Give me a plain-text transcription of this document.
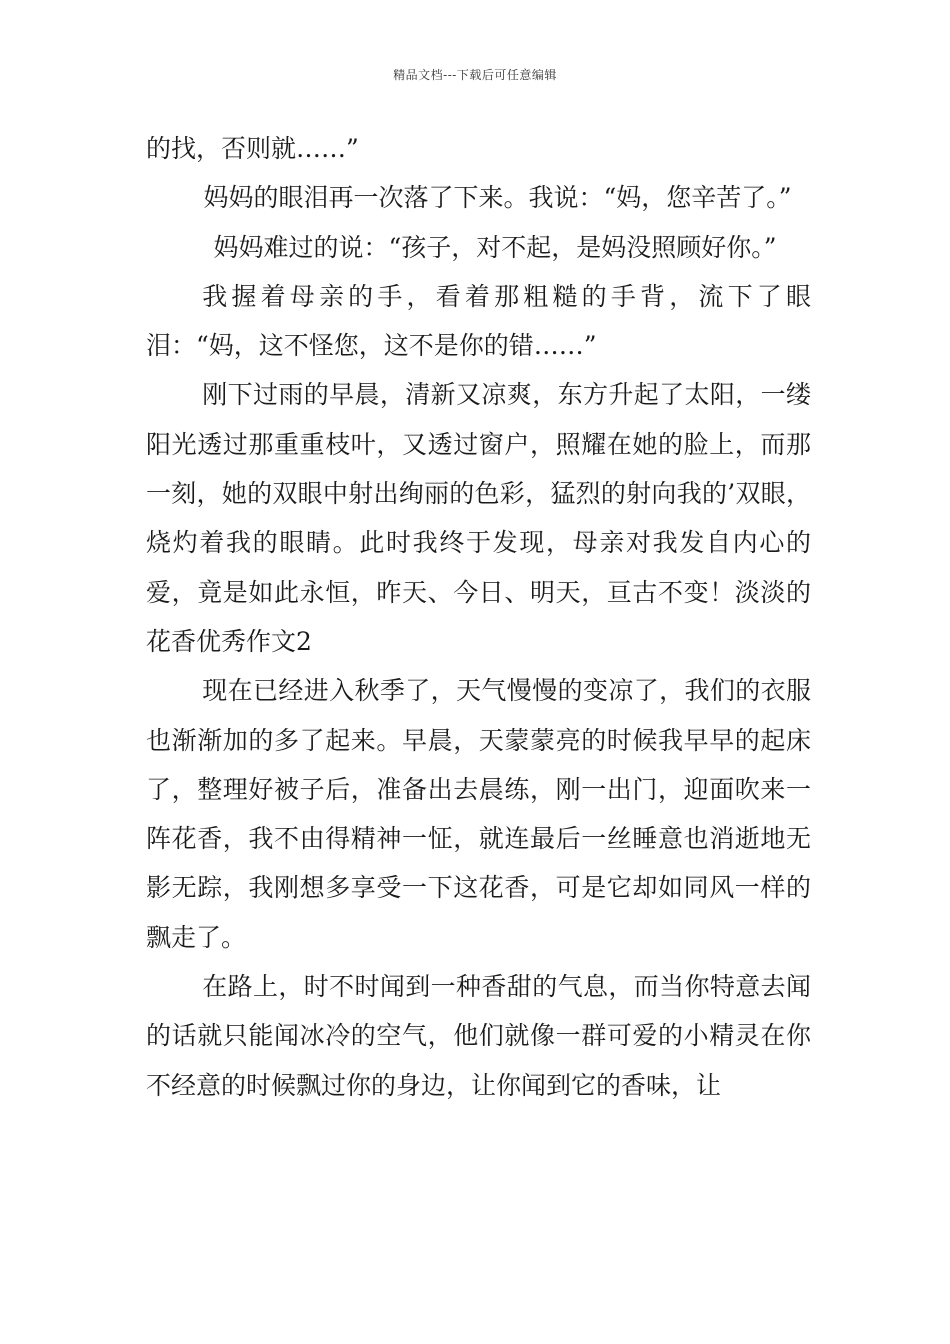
精品文档---下载后可任意编辑

的找，否则就……”

妈妈的眼泪再一次落了下来。我说：“妈，您辛苦了。”

妈妈难过的说：“孩子，对不起，是妈没照顾好你。”

我握着母亲的手，看着那粗糙的手背，流下了眼泪：“妈，这不怪您，这不是你的错……”

刚下过雨的早晨，清新又凉爽，东方升起了太阳，一缕阳光透过那重重枝叶，又透过窗户，照耀在她的脸上，而那一刻，她的双眼中射出绚丽的色彩，猛烈的射向我的’双眼，烧灼着我的眼睛。此时我终于发现，母亲对我发自内心的爱，竟是如此永恒，昨天、今日、明天，亘古不变！淡淡的花香优秀作文2

现在已经进入秋季了，天气慢慢的变凉了，我们的衣服也渐渐加的多了起来。早晨，天蒙蒙亮的时候我早早的起床了，整理好被子后，准备出去晨练，刚一出门，迎面吹来一阵花香，我不由得精神一怔，就连最后一丝睡意也消逝地无影无踪，我刚想多享受一下这花香，可是它却如同风一样的飘走了。

在路上，时不时闻到一种香甜的气息，而当你特意去闻的话就只能闻冰冷的空气，他们就像一群可爱的小精灵在你不经意的时候飘过你的身边，让你闻到它的香味，让
